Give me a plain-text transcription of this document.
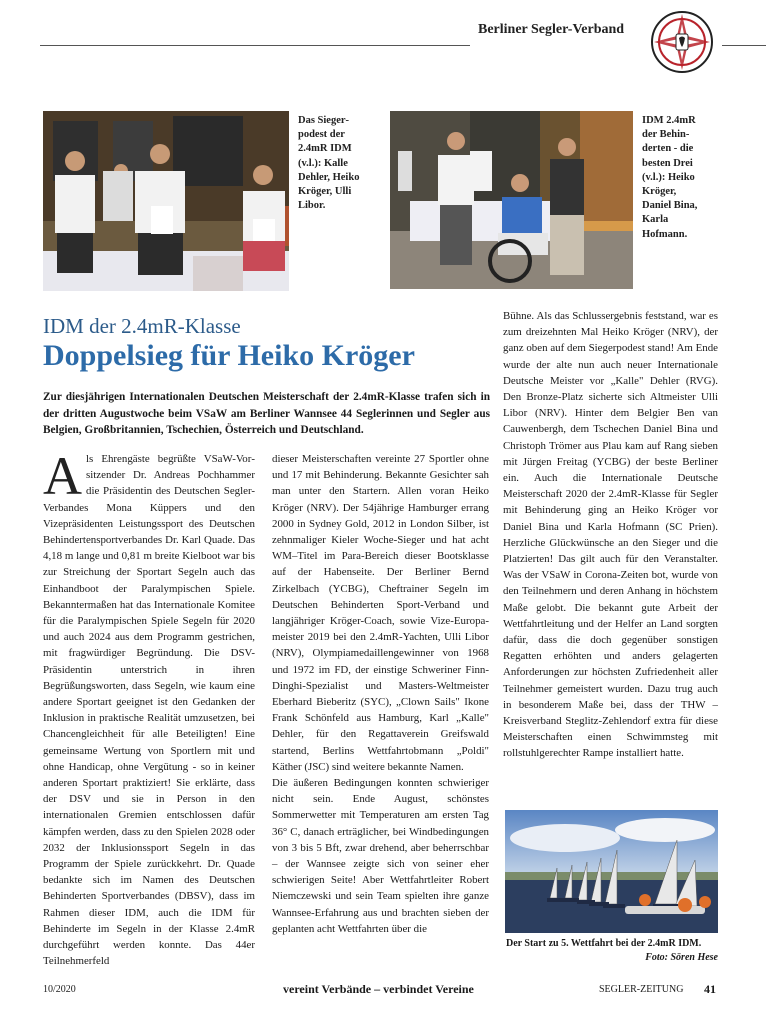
Berliner Segler-Verband
Das Siegerpodest der 2.4mR IDM (v.l.): Kalle Dehler, Heiko Kröger, Ulli Libor.
IDM 2.4mR der Behinderten - die besten Drei (v.l.): Heiko Kröger, Daniel Bina, Karla Hofmann.
IDM der 2.4mR-Klasse
Doppelsieg für Heiko Kröger
Zur diesjährigen Internationalen Deutschen Meisterschaft der 2.4mR-Klasse trafen sich in der dritten Augustwoche beim VSaW am Berliner Wannsee 44 Seglerinnen und Segler aus Belgien, Großbritannien, Tschechien, Österreich und Deutschland.
Als Ehrengäste begrüßte VSaW-Vorsitzender Dr. Andreas Pochhammer die Präsidentin des Deutschen Segler-Verbandes Mona Küppers und den Vizepräsidenten Leistungssport des Deutschen Behindertensportverbandes Dr. Karl Quade. Das 4,18 m lange und 0,81 m breite Kielboot war bis zur Streichung der Sportart Segeln auch das Einhandboot der Paralympischen Spiele. Bekanntermaßen hat das Internationale Komitee für die Paralympischen Spiele Segeln für 2020 und auch 2024 aus dem Programm gestrichen, mit fragwürdiger Begründung. Die DSV-Präsidentin unterstrich in ihren Begrüßungsworten, dass Segeln, wie kaum eine andere Sportart geeignet ist den Gedanken der Inklusion in praktische Realität umzusetzen, bei Chancengleichheit für alle Beteiligten! Eine gemeinsame Wertung von Sportlern mit und ohne Handicap, ohne Vergütung - so in keiner anderen Sportart praktiziert! Sie erklärte, dass der DSV und sie in Person in den internationalen Gremien entschlossen dafür kämpfen werden, dass zu den Spielen 2028 oder 2032 der Inklusionssport Segeln in das Programm der Spiele zurückkehrt. Dr. Quade bedankte sich im Namen des Deutschen Behinderten Sportverbandes (DBSV), dass im Rahmen dieser IDM, auch die IDM für Behinderte im Segeln in der Klasse 2.4mR durchgeführt werden konnte. Das 44er Teilnehmerfeld

dieser Meisterschaften vereinte 27 Sportler ohne und 17 mit Behinderung. Bekannte Gesichter sah man unter den Startern. Allen voran Heiko Kröger (NRV). Der 54jährige Hamburger errang 2000 in Sydney Gold, 2012 in London Silber, ist zehnmaliger Kieler Woche-Sieger und hat acht WM–Titel im Para-Bereich dieser Bootsklasse auf der Habenseite. Der Berliner Bernd Zirkelbach (YCBG), Cheftrainer Segeln im Deutschen Behinderten Sport-Verband und langjähriger Kröger-Coach, sowie Vize-Europameister 2019 bei den 2.4mR-Yachten, Ulli Libor (NRV), Olympiamedaillengewinner von 1968 und 1972 im FD, der einstige Schweriner Finn-Dinghi-Spezialist und Masters-Weltmeister Eberhard Bieberitz (SYC), „Clown Sails" Ikone Frank Schönfeld aus Hamburg, Karl „Kalle" Dehler, für den Regattaverein Greifswald startend, Berlins Wettfahrtobmann „Poldi" Käther (JSC) sind weitere bekannte Namen.

Die äußeren Bedingungen konnten schwieriger nicht sein. Ende August, schönstes Sommerwetter mit Temperaturen am ersten Tag 36° C, danach erträglicher, bei Windbedingungen von 3 bis 5 Bft, zwar drehend, aber beherrschbar – der Wannsee zeigte sich von seiner eher schwierigen Seite! Aber Wettfahrtleiter Robert Niemczewski und sein Team spielten ihre ganze Wannsee-Erfahrung aus und brachten sieben der geplanten acht Wettfahrten über die

Bühne. Als das Schlussergebnis feststand, war es zum dreizehnten Mal Heiko Kröger (NRV), der ganz oben auf dem Siegerpodest stand! Am Ende wurde der alte nun auch neuer Internationale Deutsche Meister vor „Kalle" Dehler (RVG). Den Bronze-Platz sicherte sich Altmeister Ulli Libor (NRV). Hinter dem Belgier Ben van Cauwenbergh, dem Tschechen Daniel Bina und Christoph Trömer aus Plau kam auf Rang sieben mit Jürgen Freitag (YCBG) der beste Berliner ein. Auch die Internationale Deutsche Meisterschaft 2020 der 2.4mR-Klasse für Segler mit Behinderung ging an Heiko Kröger vor Daniel Bina und Karla Hofmann (SC Prien). Herzliche Glückwünsche an den Sieger und die Platzierten! Das gilt auch für den Veranstalter. Was der VSaW in Corona-Zeiten bot, wurde von den Teilnehmern und deren Anhang in höchstem Maße gelobt. Die bekannt gute Arbeit der Wettfahrtleitung und der Helfer an Land sorgten dafür, dass die doch gegenüber sonstigen Regatten erhöhten und anders gelagerten Anforderungen zur höchsten Zufriedenheit aller Teilnehmer gemeistert wurden. Dazu trug auch in besonderem Maße bei, dass der THW – Kreisverband Steglitz-Zehlendorf extra für diese Meisterschaften einen Schwimmsteg mit rollstuhlgerechter Rampe installiert hatte.

Der Start zu 5. Wettfahrt bei der 2.4mR IDM.
Foto: Sören Hese
10/2020	vereint Verbände – verbindet Vereine	SEGLER-ZEITUNG 41
